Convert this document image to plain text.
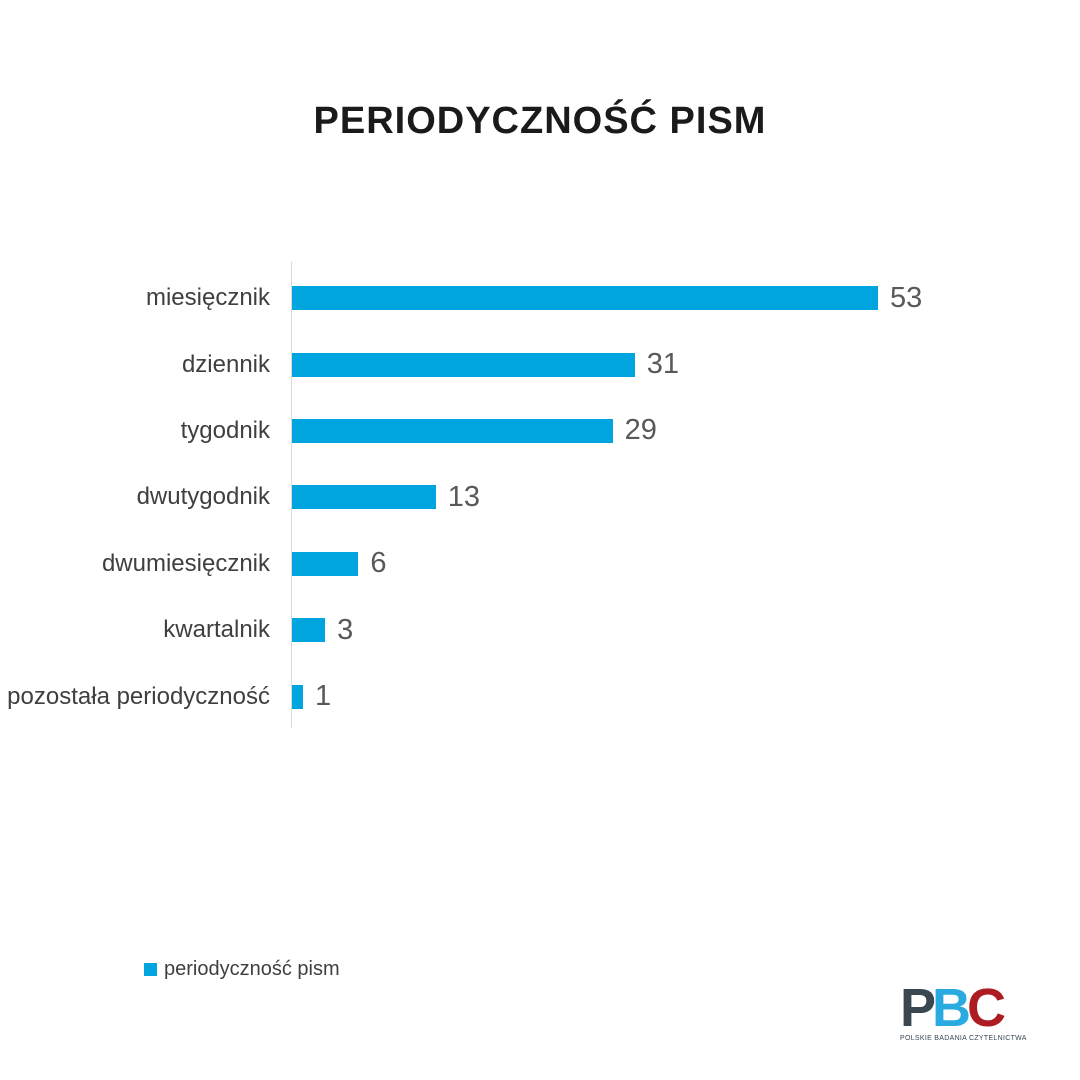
PERIODYCZNOŚĆ PISM
miesięcznik	53
dziennik	31
tygodnik	29
dwutygodnik	13
dwumiesięcznik	6
kwartalnik 3
pozostała periodyczność 1
periodyczność pism
PBC
POLSKIE BADANIA CZYTELNICTWA
